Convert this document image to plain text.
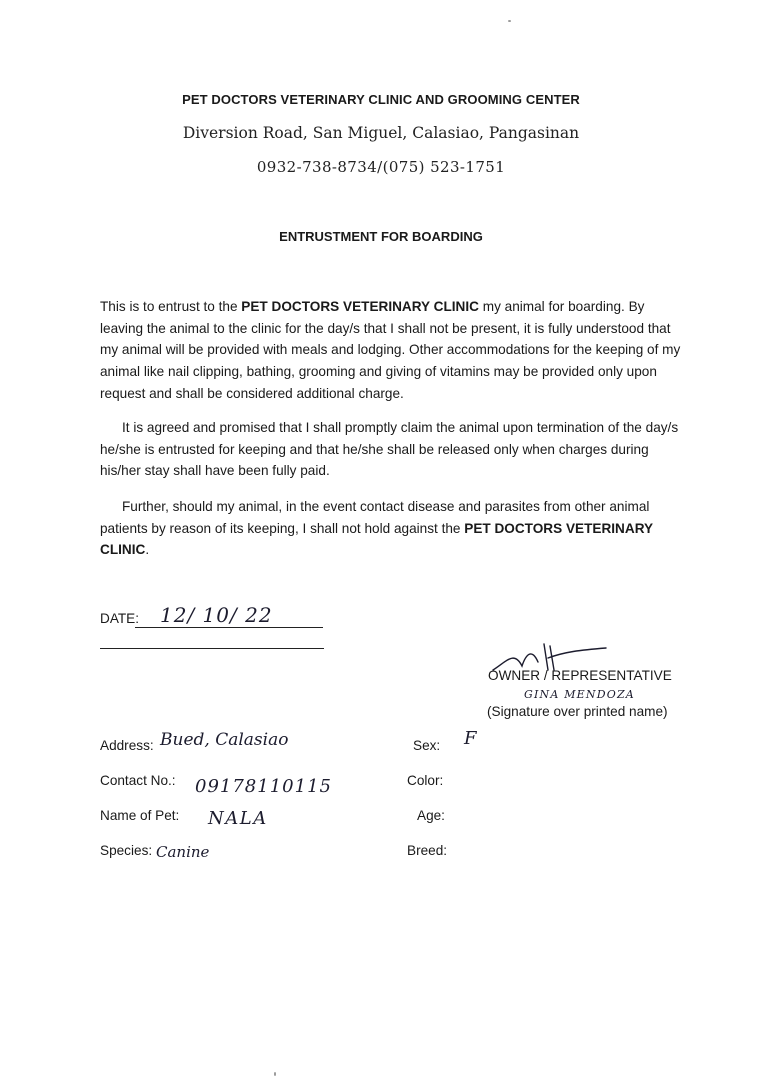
PET DOCTORS VETERINARY CLINIC AND GROOMING CENTER
Diversion Road, San Miguel, Calasiao, Pangasinan
0932-738-8734/(075) 523-1751
ENTRUSTMENT FOR BOARDING
This is to entrust to the PET DOCTORS VETERINARY CLINIC my animal for boarding. By leaving the animal to the clinic for the day/s that I shall not be present, it is fully understood that my animal will be provided with meals and lodging. Other accommodations for the keeping of my animal like nail clipping, bathing, grooming and giving of vitamins may be provided only upon request and shall be considered additional charge.
It is agreed and promised that I shall promptly claim the animal upon termination of the day/s he/she is entrusted for keeping and that he/she shall be released only when charges during his/her stay shall have been fully paid.
Further, should my animal, in the event contact disease and parasites from other animal patients by reason of its keeping, I shall not hold against the PET DOCTORS VETERINARY CLINIC.
DATE: 12/ 10/ 22
OWNER / REPRESENTATIVE
GINA MENDOZA
(Signature over printed name)
Address: Bued, Calasiao
Contact No.: 09178110115
Name of Pet: NALA
Species: Canine
Sex: F
Color:
Age:
Breed:
